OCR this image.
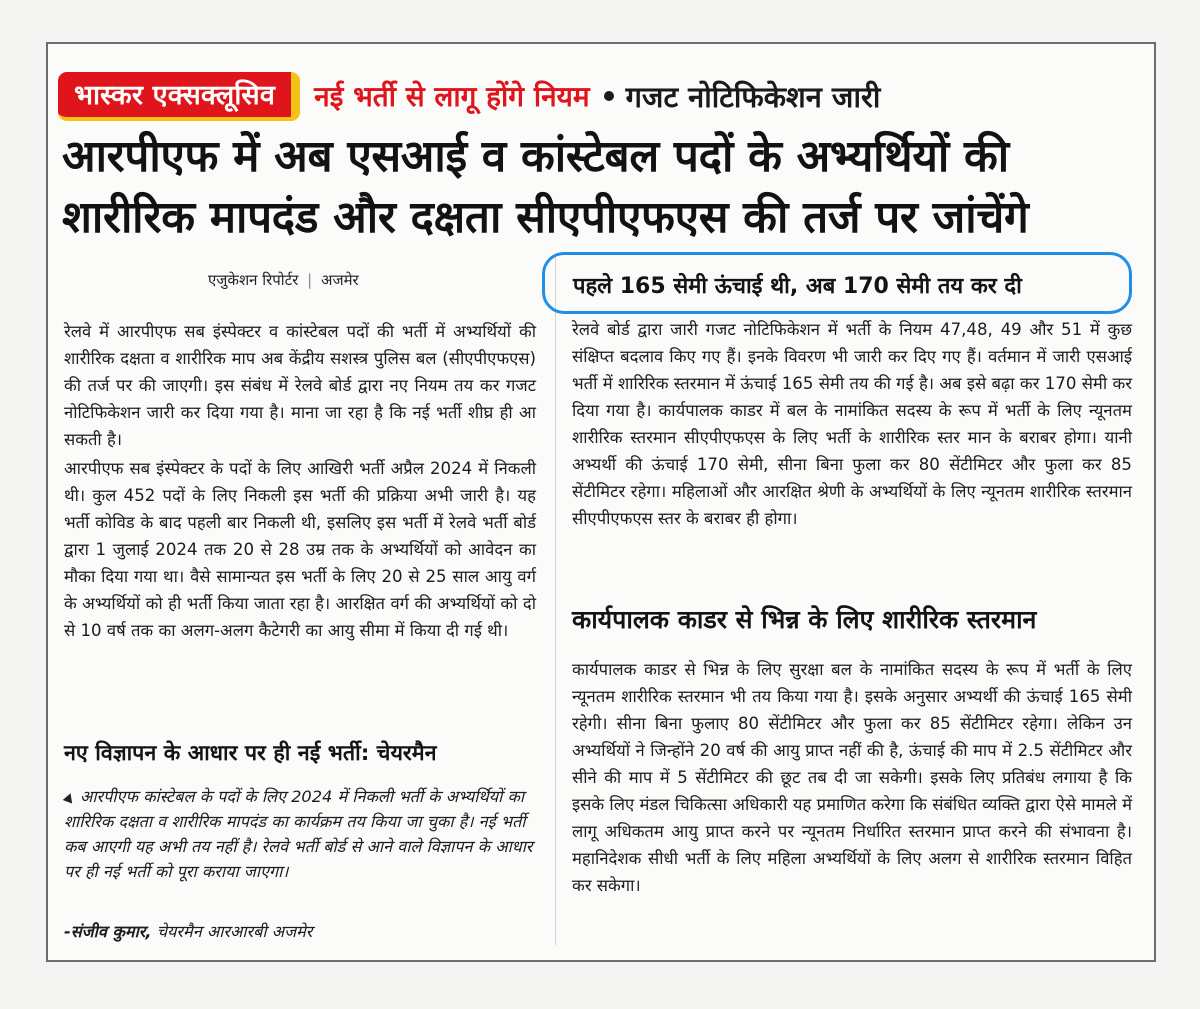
भास्कर एक्सक्लूसिव	नई भर्ती से लागू होंगे नियम गजट नोटिफिकेशन जारी
आरपीएफ में अब एसआई व कांस्टेबल पदों के अभ्यर्थियों की
शारीरिक मापदंड और दक्षता सीएपीएफएस की तर्ज पर जांचेंगे
एजुकेशन रिपोर्टर | अजमेर

रेलवे में आरपीएफ सब इंस्पेक्टर व कांस्टेबल पदों की भर्ती में अभ्यर्थियों की शारीरिक दक्षता व शारीरिक माप अब केंद्रीय सशस्त्र पुलिस बल (सीएपीएफएस) की तर्ज पर की जाएगी। इस संबंध में रेलवे बोर्ड द्वारा नए नियम तय कर गजट नोटिफिकेशन जारी कर दिया गया है। माना जा रहा है कि नई भर्ती शीघ्र ही आ सकती है।

आरपीएफ सब इंस्पेक्टर के पदों के लिए आखिरी भर्ती अप्रैल 2024 में निकली थी। कुल 452 पदों के लिए निकली इस भर्ती की प्रक्रिया अभी जारी है। यह भर्ती कोविड के बाद पहली बार निकली थी, इसलिए इस भर्ती में रेलवे भर्ती बोर्ड द्वारा 1 जुलाई 2024 तक 20 से 28 उम्र तक के अभ्यर्थियों को आवेदन का मौका दिया गया था। वैसे सामान्यत इस भर्ती के लिए 20 से 25 साल आयु वर्ग के अभ्यर्थियों को ही भर्ती किया जाता रहा है। आरक्षित वर्ग की अभ्यर्थियों को दो से 10 वर्ष तक का अलग-अलग कैटेगरी का आयु सीमा में किया दी गई थी।

नए विज्ञापन के आधार पर ही नई भर्ती: चेयरमैन
आरपीएफ कांस्टेबल के पदों के लिए 2024 में निकली भर्ती के अभ्यर्थियों का शारिरिक दक्षता व शारीरिक मापदंड का कार्यक्रम तय किया जा चुका है। नई भर्ती कब आएगी यह अभी तय नहीं है। रेलवे भर्ती बोर्ड से आने वाले विज्ञापन के आधार पर ही नई भर्ती को पूरा कराया जाएगा।
-संजीव कुमार, चेयरमैन आरआरबी अजमेर
पहले 165 सेमी ऊंचाई थी, अब 170 सेमी तय कर दी

रेलवे बोर्ड द्वारा जारी गजट नोटिफिकेशन में भर्ती के नियम 47,48, 49 और 51 में कुछ संक्षिप्त बदलाव किए गए हैं। इनके विवरण भी जारी कर दिए गए हैं। वर्तमान में जारी एसआई भर्ती में शारिरिक स्तरमान में ऊंचाई 165 सेमी तय की गई है। अब इसे बढ़ा कर 170 सेमी कर दिया गया है। कार्यपालक काडर में बल के नामांकित सदस्य के रूप में भर्ती के लिए न्यूनतम शारीरिक स्तरमान सीएपीएफएस के लिए भर्ती के शारीरिक स्तर मान के बराबर होगा। यानी अभ्यर्थी की ऊंचाई 170 सेमी, सीना बिना फुला कर 80 सेंटीमिटर और फुला कर 85 सेंटीमिटर रहेगा। महिलाओं और आरक्षित श्रेणी के अभ्यर्थियों के लिए न्यूनतम शारीरिक स्तरमान सीएपीएफएस स्तर के बराबर ही होगा।

कार्यपालक काडर से भिन्न के लिए शारीरिक स्तरमान

कार्यपालक काडर से भिन्न के लिए सुरक्षा बल के नामांकित सदस्य के रूप में भर्ती के लिए न्यूनतम शारीरिक स्तरमान भी तय किया गया है। इसके अनुसार अभ्यर्थी की ऊंचाई 165 सेमी रहेगी। सीना बिना फुलाए 80 सेंटीमिटर और फुला कर 85 सेंटीमिटर रहेगा। लेकिन उन अभ्यर्थियों ने जिन्होंने 20 वर्ष की आयु प्राप्त नहीं की है, ऊंचाई की माप में 2.5 सेंटीमिटर और सीने की माप में 5 सेंटीमिटर की छूट तब दी जा सकेगी। इसके लिए प्रतिबंध लगाया है कि इसके लिए मंडल चिकित्सा अधिकारी यह प्रमाणित करेगा कि संबंधित व्यक्ति द्वारा ऐसे मामले में लागू अधिकतम आयु प्राप्त करने पर न्यूनतम निर्धारित स्तरमान प्राप्त करने की संभावना है। महानिदेशक सीधी भर्ती के लिए महिला अभ्यर्थियों के लिए अलग से शारीरिक स्तरमान विहित कर सकेगा।
